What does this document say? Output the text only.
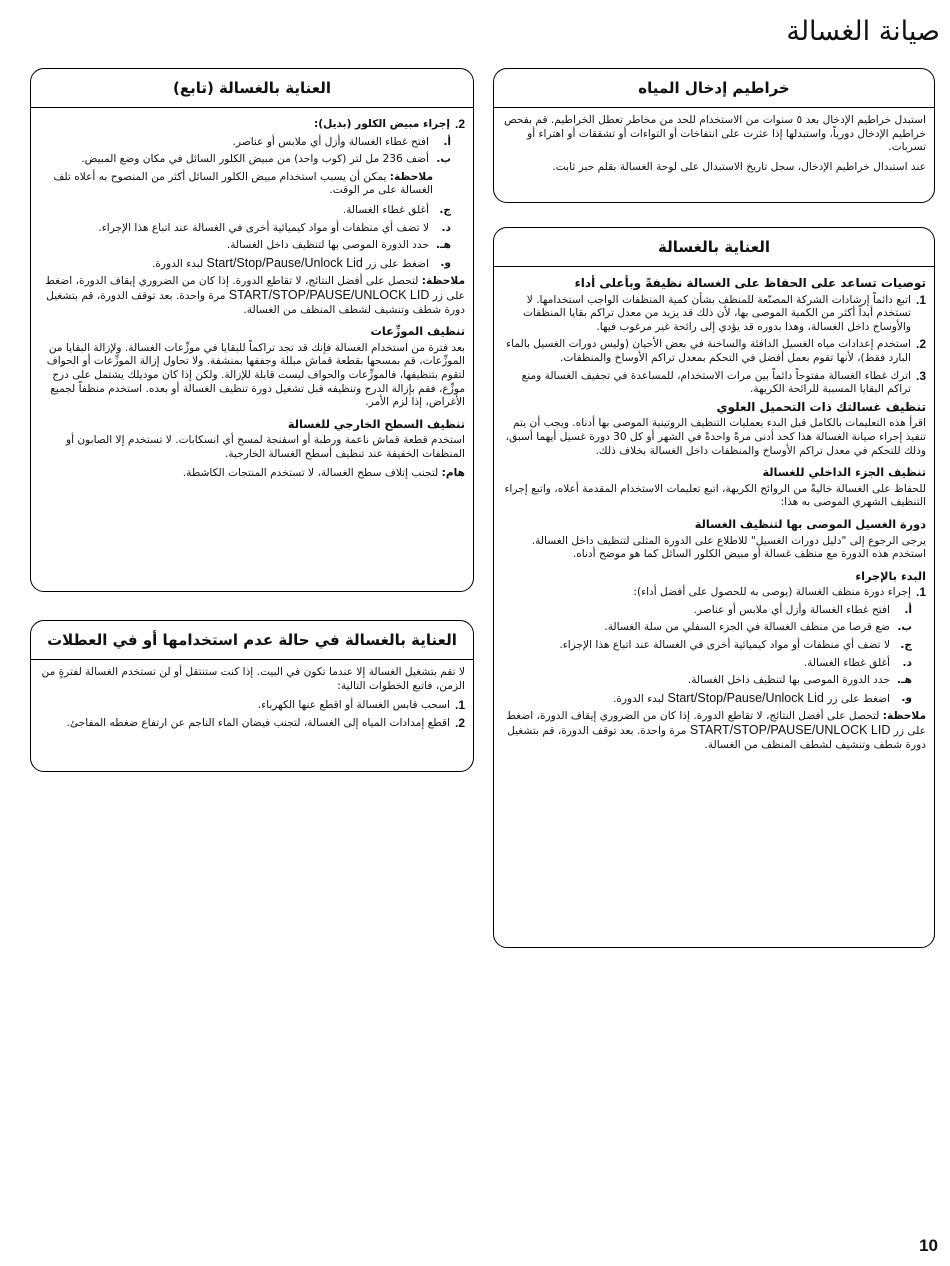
صيانة الغسالة
خراطيم إدخال المياه

استبدل خراطيم الإدخال بعد ٥ سنوات من الاستخدام للحد من مخاطر تعطل الخراطيم. قم بفحص خراطيم الإدخال دورياً، واستبدلها إذا عثرت على انتفاخات أو التواءات أو تشققات أو اهتراء أو تسربات.

عند استبدال خراطيم الإدخال، سجل تاريخ الاستبدال على لوحة الغسالة بقلم حبر ثابت.

العناية بالغسالة
توصيات تساعد على الحفاظ على الغسالة نظيفةً وبأعلى أداء
1.
اتبع دائماً إرشادات الشركة المصنّعة للمنظف بشأن كمية المنظفات الواجب استخدامها. لا تستخدم أبداً أكثر من الكمية الموصى بها، لأن ذلك قد يزيد من معدل تراكم بقايا المنظفات والأوساخ داخل الغسالة، وهذا بدوره قد يؤدي إلى رائحة غير مرغوب فيها.
2.
استخدم إعدادات مياه الغسيل الدافئة والساخنة في بعض الأحيان (وليس دورات الغسيل بالماء البارد فقط)، لأنها تقوم بعمل أفضل في التحكم بمعدل تراكم الأوساخ والمنظفات.
3.
اترك غطاء الغسالة مفتوحاً دائماً بين مرات الاستخدام، للمساعدة في تجفيف الغسالة ومنع تراكم البقايا المسببة للرائحة الكريهة.
تنظيف غسالتك ذات التحميل العلوي

اقرأ هذه التعليمات بالكامل قبل البدء بعمليات التنظيف الروتينية الموصى بها أدناه. ويجب أن يتم تنفيذ إجراء صيانة الغسالة هذا كحد أدنى مرةً واحدةً في الشهر أو كل 30 دورة غسيل أيهما أسبق، وذلك للتحكم في معدل تراكم الأوساخ والمنظفات داخل الغسالة بخلاف ذلك.

تنظيف الجزء الداخلي للغسالة

للحفاظ على الغسالة خاليةً من الروائح الكريهة، اتبع تعليمات الاستخدام المقدمة أعلاه، واتبع إجراء التنظيف الشهري الموصى به هذا:

دورة الغسيل الموصى بها لتنظيف الغسالة

يرجى الرجوع إلى "دليل دورات الغسيل" للاطلاع على الدورة المثلى لتنظيف داخل الغسالة. استخدم هذه الدورة مع منظف غسالة أو مبيض الكلور السائل كما هو موضح أدناه.

البدء بالإجراء
1.
إجراء دورة منظف الغسالة (يوصى به للحصول على أفضل أداء):
أ.
افتح غطاء الغسالة وأزل أي ملابس أو عناصر.
ب.
ضع قرصا من منظف الغسالة في الجزء السفلي من سلة الغسالة.
ج.
لا تضف أي منظفات أو مواد كيميائية أخرى في الغسالة عند اتباع هذا الإجراء.
د.
أغلق غطاء الغسالة.
هـ.
حدد الدورة الموصى بها لتنظيف داخل الغسالة.
و.
اضغط على زر Start/Stop/Pause/Unlock Lid لبدء الدورة.

ملاحظة: لتحصل على أفضل النتائج، لا تقاطع الدورة. إذا كان من الضروري إيقاف الدورة، اضغط على زر START/STOP/PAUSE/UNLOCK LID مرة واحدة. بعد توقف الدورة، قم بتشغيل دورة شطف وتنشيف لشطف المنظف من الغسالة.

العناية بالغسالة (تابع)
2.
إجراء مبيض الكلور (بديل):
أ.
افتح غطاء الغسالة وأزل أي ملابس أو عناصر.
ب.
أضف 236 مل لتر (كوب واحد) من مبيض الكلور السائل في مكان وضع المبيض.

ملاحظة: يمكن أن يسبب استخدام مبيض الكلور السائل أكثر من المنصوح به أعلاه تلف الغسالة على مر الوقت.

ج.
أغلق غطاء الغسالة.
د.
لا تضف أي منظفات أو مواد كيميائية أخرى في الغسالة عند اتباع هذا الإجراء.
هـ.
حدد الدورة الموصى بها لتنظيف داخل الغسالة.
و.
اضغط على زر Start/Stop/Pause/Unlock Lid لبدء الدورة.

ملاحظة: لتحصل على أفضل النتائج، لا تقاطع الدورة. إذا كان من الضروري إيقاف الدورة، اضغط على زر START/STOP/PAUSE/UNLOCK LID مرة واحدة. بعد توقف الدورة، قم بتشغيل دورة شطف وتنشيف لشطف المنظف من الغسالة.

تنظيف الموزِّعات

بعد فترة من استخدام الغسالة فإنك قد تجد تراكماً للبقايا في موزِّعات الغسالة. ولإزالة البقايا من الموزِّعات، قم بمسحها بقطعة قماش مبللة وجففها بمنشفة. ولا تحاول إزالة الموزِّعات أو الحواف لتقوم بتنظيفها، فالموزِّعات والحواف ليست قابلة للإزالة. ولكن إذا كان موديلك يشتمل على درج موزِّع، فقم بإزالة الدرج وتنظيفه قبل تشغيل دورة تنظيف الغسالة أو بعده. استخدم منظفاً لجميع الأغراض، إذا لزم الأمر.

تنظيف السطح الخارجي للغسالة

استخدم قطعة قماش ناعمة ورطبة أو اسفنجة لمسح أي انسكابات. لا تستخدم إلا الصابون أو المنظفات الخفيفة عند تنظيف أسطح الغسالة الخارجية.

هام: لتجنب إتلاف سطح الغسالة، لا تستخدم المنتجات الكاشطة.

العناية بالغسالة في حالة عدم استخدامها أو في العطلات

لا تقم بتشغيل الغسالة إلا عندما تكون في البيت. إذا كنت ستنتقل أو لن تستخدم الغسالة لفترةٍ من الزمن، فاتبع الخطوات التالية:

1.
اسحب قابس الغسالة أو اقطع عنها الكهرباء.
2.
اقطع إمدادات المياه إلى الغسالة، لتجنب فيضان الماء الناجم عن ارتفاع ضغطه المفاجئ.
10
